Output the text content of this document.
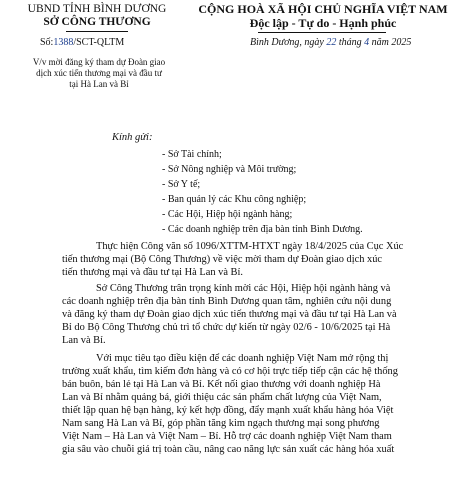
UBND TỈNH BÌNH DƯƠNG
SỞ CÔNG THƯƠNG
Số:1388/SCT-QLTM
V/v mời đăng ký tham dự Đoàn giao
dịch xúc tiến thương mại và đầu tư
tại Hà Lan và Bỉ
CỘNG HOÀ XÃ HỘI CHỦ NGHĨA VIỆT NAM
Độc lập - Tự do - Hạnh phúc
Bình Dương, ngày 22 tháng 4 năm 2025
Kính gửi:
- Sở Tài chính;
- Sở Nông nghiệp và Môi trường;
- Sở Y tế;
- Ban quản lý các Khu công nghiệp;
- Các Hội, Hiệp hội ngành hàng;
- Các doanh nghiệp trên địa bàn tỉnh Bình Dương.
Thực hiện Công văn số 1096/XTTM-HTXT ngày 18/4/2025 của Cục Xúc
tiến thương mại (Bộ Công Thương) về việc mời tham dự Đoàn giao dịch xúc
tiến thương mại và đầu tư tại Hà Lan và Bỉ.
Sở Công Thương trân trọng kính mời các Hội, Hiệp hội ngành hàng và
các doanh nghiệp trên địa bàn tỉnh Bình Dương quan tâm, nghiên cứu nội dung
và đăng ký tham dự Đoàn giao dịch xúc tiến thương mại và đầu tư tại Hà Lan và
Bỉ do Bộ Công Thương chủ trì tổ chức dự kiến từ ngày 02/6 - 10/6/2025 tại Hà
Lan và Bỉ.
Với mục tiêu tạo điều kiện để các doanh nghiệp Việt Nam mở rộng thị
trường xuất khẩu, tìm kiếm đơn hàng và có cơ hội trực tiếp tiếp cận các hệ thống
bán buôn, bán lẻ tại Hà Lan và Bỉ. Kết nối giao thương với doanh nghiệp Hà
Lan và Bỉ nhằm quảng bá, giới thiệu các sản phẩm chất lượng của Việt Nam,
thiết lập quan hệ bạn hàng, ký kết hợp đồng, đẩy mạnh xuất khẩu hàng hóa Việt
Nam sang Hà Lan và Bỉ, góp phần tăng kim ngạch thương mại song phương
Việt Nam – Hà Lan và Việt Nam – Bỉ. Hỗ trợ các doanh nghiệp Việt Nam tham
gia sâu vào chuỗi giá trị toàn cầu, nâng cao năng lực sản xuất các hàng hóa xuất
